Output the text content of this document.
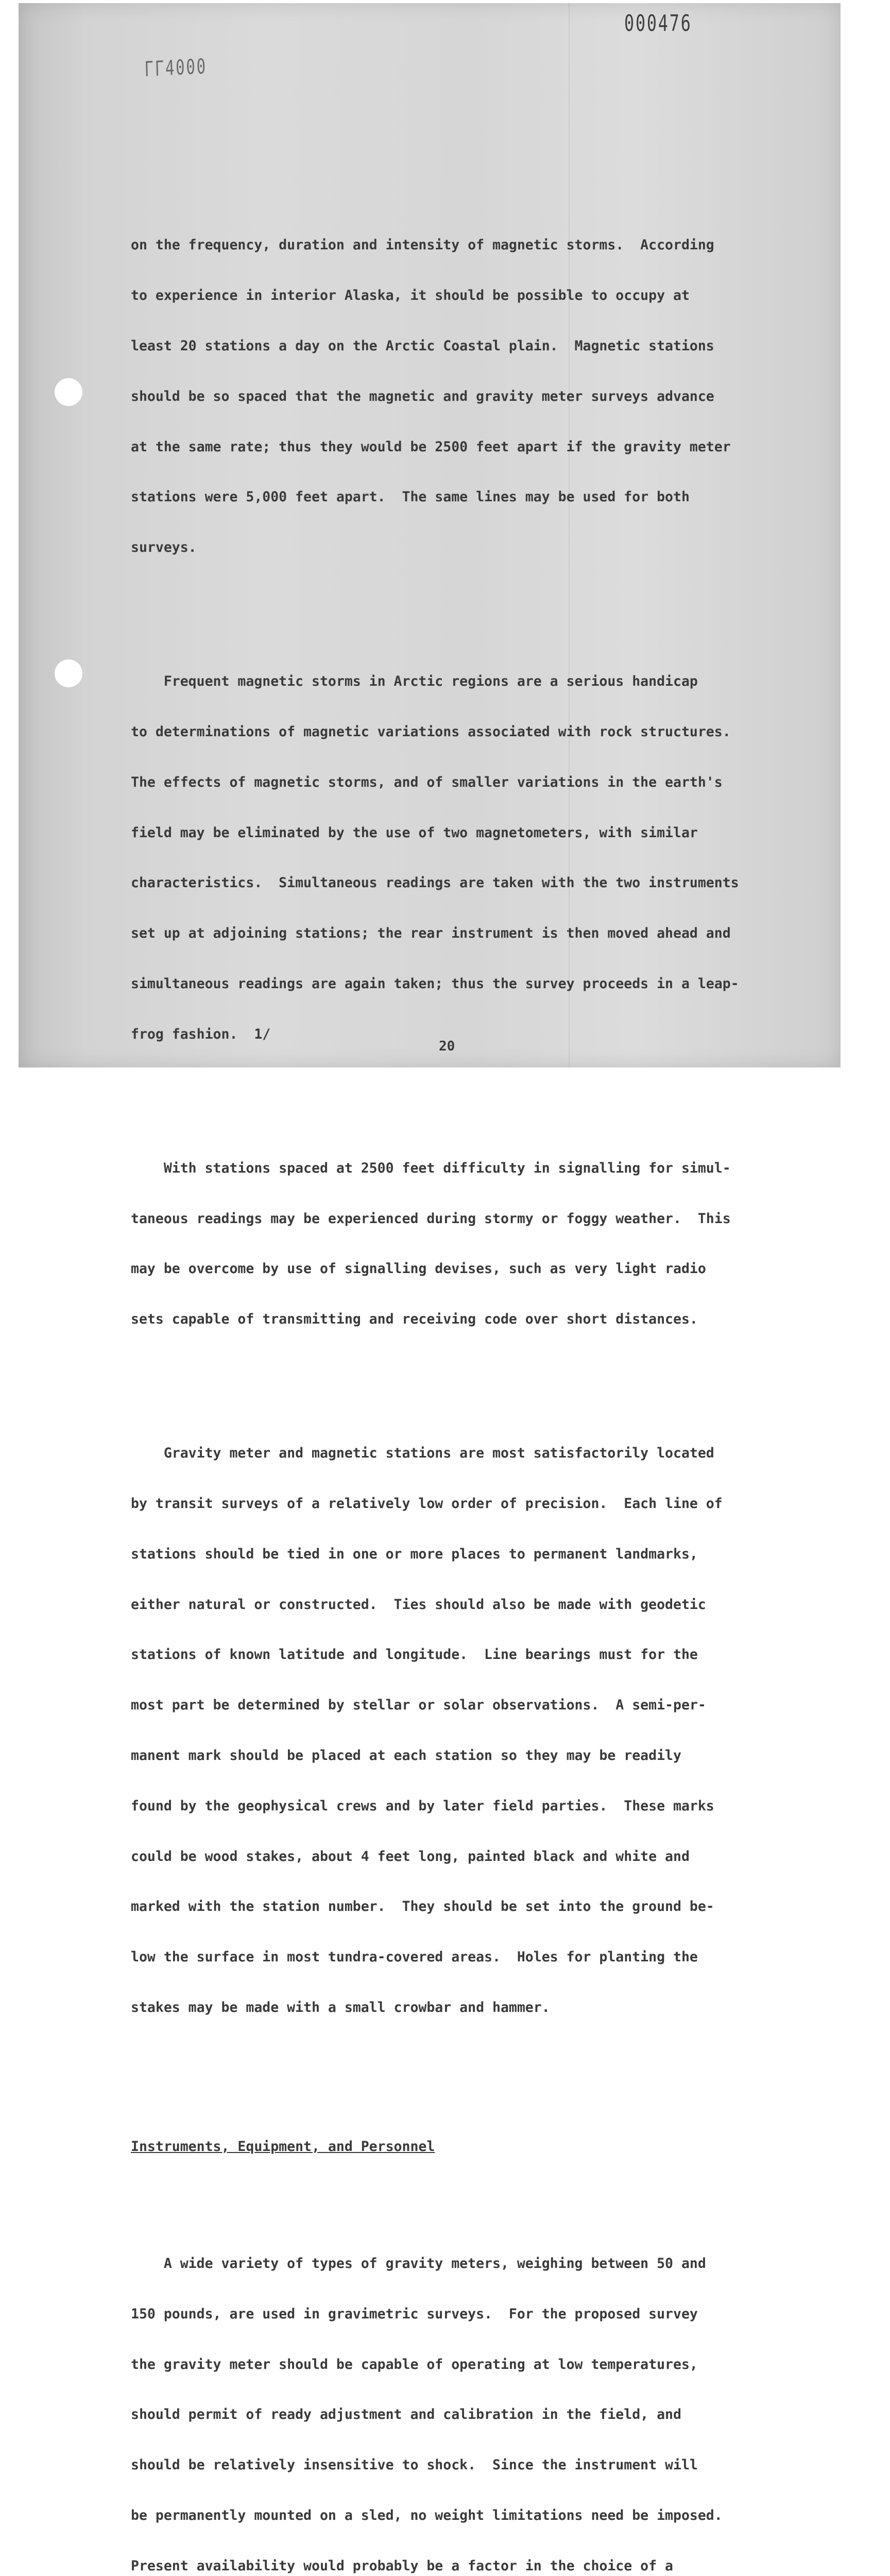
000476
ГГ4000

on the frequency, duration and intensity of magnetic storms.  According

to experience in interior Alaska, it should be possible to occupy at

least 20 stations a day on the Arctic Coastal plain.  Magnetic stations

should be so spaced that the magnetic and gravity meter surveys advance

at the same rate; thus they would be 2500 feet apart if the gravity meter

stations were 5,000 feet apart.  The same lines may be used for both

surveys.

Frequent magnetic storms in Arctic regions are a serious handicap

to determinations of magnetic variations associated with rock structures.

The effects of magnetic storms, and of smaller variations in the earth's

field may be eliminated by the use of two magnetometers, with similar

characteristics.  Simultaneous readings are taken with the two instruments

set up at adjoining stations; the rear instrument is then moved ahead and

simultaneous readings are again taken; thus the survey proceeds in a leap-

frog fashion.  1/

With stations spaced at 2500 feet difficulty in signalling for simul-

taneous readings may be experienced during stormy or foggy weather.  This

may be overcome by use of signalling devises, such as very light radio

sets capable of transmitting and receiving code over short distances.

Gravity meter and magnetic stations are most satisfactorily located

by transit surveys of a relatively low order of precision.  Each line of

stations should be tied in one or more places to permanent landmarks,

either natural or constructed.  Ties should also be made with geodetic

stations of known latitude and longitude.  Line bearings must for the

most part be determined by stellar or solar observations.  A semi-per-

manent mark should be placed at each station so they may be readily

found by the geophysical crews and by later field parties.  These marks

could be wood stakes, about 4 feet long, painted black and white and

marked with the station number.  They should be set into the ground be-

low the surface in most tundra-covered areas.  Holes for planting the

stakes may be made with a small crowbar and hammer.

Instruments, Equipment, and Personnel

A wide variety of types of gravity meters, weighing between 50 and

150 pounds, are used in gravimetric surveys.  For the proposed survey

the gravity meter should be capable of operating at low temperatures,

should permit of ready adjustment and calibration in the field, and

should be relatively insensitive to shock.  Since the instrument will

be permanently mounted on a sled, no weight limitations need be imposed.

Present availability would probably be a factor in the choice of a

20
